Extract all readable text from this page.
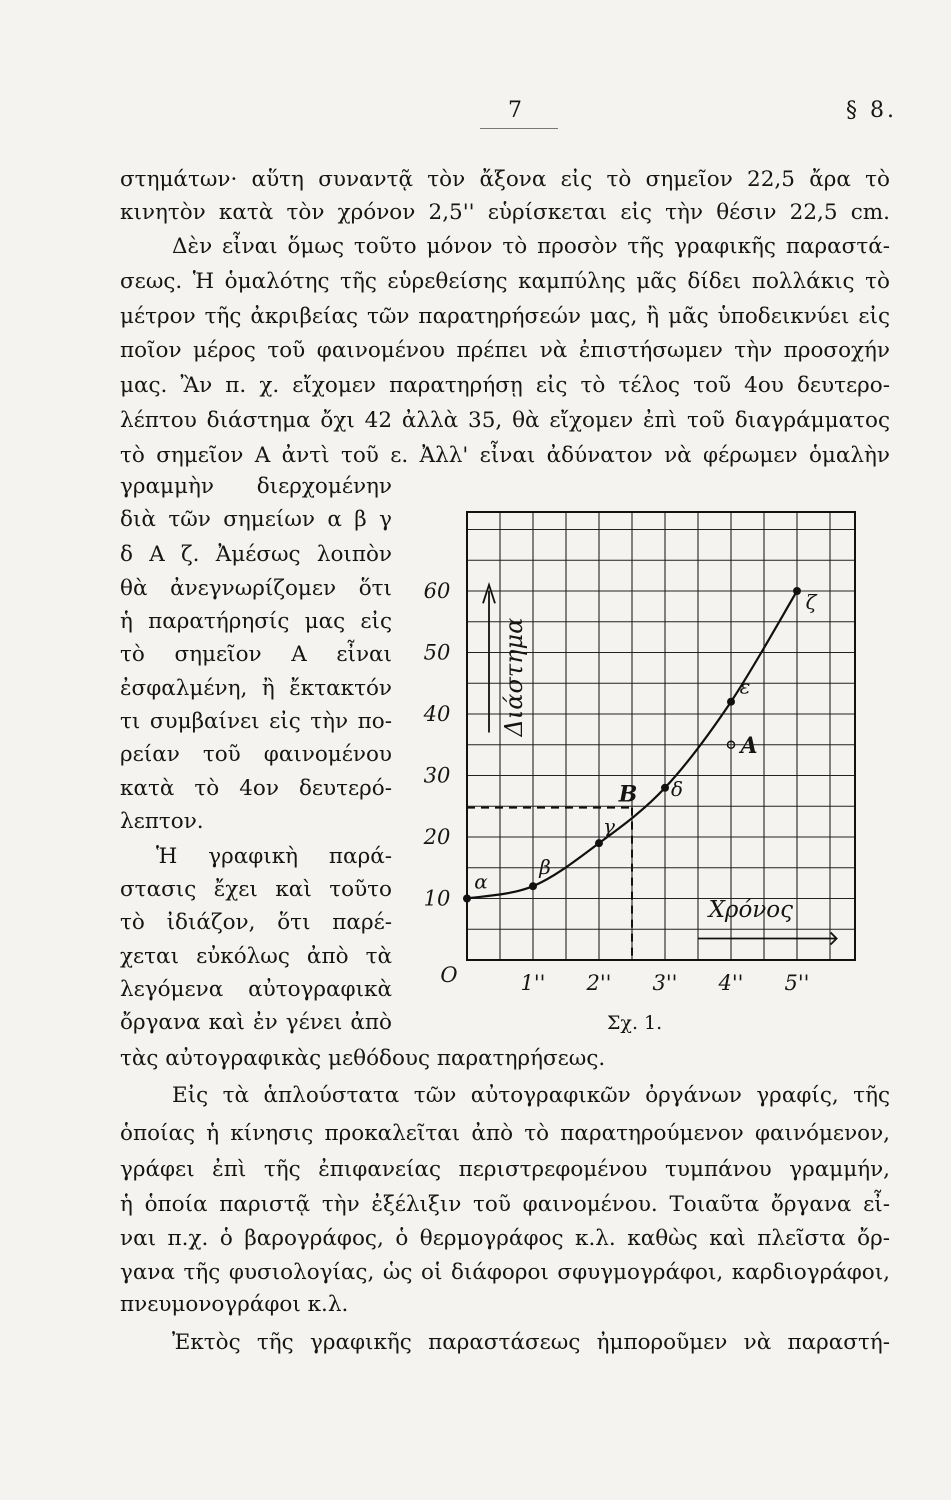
7	§ 8.
στημάτων· αὕτη συναντᾷ τὸν ἄξονα εἰς τὸ σημεῖον 22,5 ἄρα τὸ
κινητὸν κατὰ τὸν χρόνον 2,5'' εὑρίσκεται εἰς τὴν θέσιν 22,5 cm.
Δὲν εἶναι ὅμως τοῦτο μόνον τὸ προσὸν τῆς γραφικῆς παραστά-
σεως. Ἡ ὁμαλότης τῆς εὑρεθείσης καμπύλης μᾶς δίδει πολλάκις τὸ
μέτρον τῆς ἀκριβείας τῶν παρατηρήσεών μας, ἢ μᾶς ὑποδεικνύει εἰς
ποῖον μέρος τοῦ φαινομένου πρέπει νὰ ἐπιστήσωμεν τὴν προσοχήν
μας. Ἂν π. χ. εἴχομεν παρατηρήσῃ εἰς τὸ τέλος τοῦ 4ου δευτερο-
λέπτου διάστημα ὄχι 42 ἀλλὰ 35, θὰ εἴχομεν ἐπὶ τοῦ διαγράμματος
τὸ σημεῖον Α ἀντὶ τοῦ ε. Ἀλλ' εἶναι ἀδύνατον νὰ φέρωμεν ὁμαλὴν
γραμμὴν διερχομένην
διὰ τῶν σημείων α β γ
δ Α ζ. Ἀμέσως λοιπὸν
θὰ ἀνεγνωρίζομεν ὅτι
ἡ παρατήρησίς μας εἰς
τὸ σημεῖον Α εἶναι
ἐσφαλμένη, ἢ ἔκτακτόν
τι συμβαίνει εἰς τὴν πο-
ρείαν τοῦ φαινομένου
κατὰ τὸ 4ον δευτερό-
λεπτον.
Ἡ γραφικὴ παρά-
στασις ἔχει καὶ τοῦτο
τὸ ἰδιάζον, ὅτι παρέ-
χεται εὐκόλως ἀπὸ τὰ
λεγόμενα αὐτογραφικὰ
ὄργανα καὶ ἐν γένει ἀπὸ
τὰς αὐτογραφικὰς μεθόδους παρατηρήσεως.
Εἰς τὰ ἁπλούστατα τῶν αὐτογραφικῶν ὀργάνων γραφίς, τῆς
ὁποίας ἡ κίνησις προκαλεῖται ἀπὸ τὸ παρατηρούμενον φαινόμενον,
γράφει ἐπὶ τῆς ἐπιφανείας περιστρεφομένου τυμπάνου γραμμήν,
ἡ ὁποία παριστᾷ τὴν ἐξέλιξιν τοῦ φαινομένου. Τοιαῦτα ὄργανα εἶ-
ναι π.χ. ὁ βαρογράφος, ὁ θερμογράφος κ.λ. καθὼς καὶ πλεῖστα ὄρ-
γανα τῆς φυσιολογίας, ὡς οἱ διάφοροι σφυγμογράφοι, καρδιογράφοι,
πνευμονογράφοι κ.λ.
Ἐκτὸς τῆς γραφικῆς παραστάσεως ἠμποροῦμεν νὰ παραστή-
10
20
30
40
50
60
1'' 2'' 3'' 4'' 5''
O
α
β
γ
δ
ε
ζ
Α
B
Διάστημα
Χρόνος
Σχ. 1.
